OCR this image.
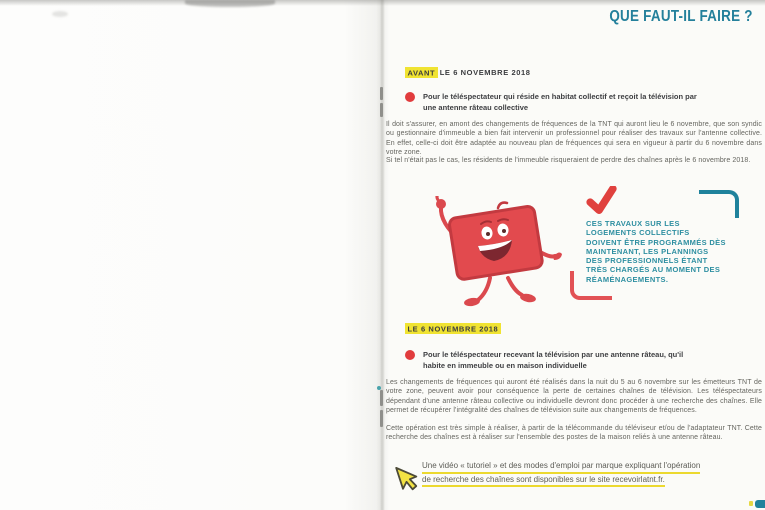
QUE FAUT-IL FAIRE ?
AVANT LE 6 NOVEMBRE 2018
Pour le téléspectateur qui réside en habitat collectif et reçoit la télévision par
une antenne râteau collective

Il doit s'assurer, en amont des changements de fréquences de la TNT qui auront lieu le 6 novembre, que son syndic ou gestionnaire d'immeuble a bien fait intervenir un professionnel pour réaliser des travaux sur l'antenne collective. En effet, celle-ci doit être adaptée au nouveau plan de fréquences qui sera en vigueur à partir du 6 novembre dans votre zone.

Si tel n'était pas le cas, les résidents de l'immeuble risqueraient de perdre des chaînes après le 6 novembre 2018.

CES TRAVAUX SUR LES
LOGEMENTS COLLECTIFS
DOIVENT ÊTRE PROGRAMMÉS DÈS
MAINTENANT, LES PLANNINGS
DES PROFESSIONNELS ÉTANT
TRÈS CHARGÉS AU MOMENT DES
RÉAMÉNAGEMENTS.
LE 6 NOVEMBRE 2018
Pour le téléspectateur recevant la télévision par une antenne râteau, qu'il
habite en immeuble ou en maison individuelle

Les changements de fréquences qui auront été réalisés dans la nuit du 5 au 6 novembre sur les émetteurs TNT de votre zone, peuvent avoir pour conséquence la perte de certaines chaînes de télévision. Les téléspectateurs dépendant d'une antenne râteau collective ou individuelle devront donc procéder à une recherche des chaînes. Elle permet de récupérer l'intégralité des chaînes de télévision suite aux changements de fréquences.

Cette opération est très simple à réaliser, à partir de la télécommande du téléviseur et/ou de l'adaptateur TNT. Cette recherche des chaînes est à réaliser sur l'ensemble des postes de la maison reliés à une antenne râteau.

Une vidéo « tutoriel » et des modes d'emploi par marque expliquant l'opération de recherche des chaînes sont disponibles sur le site recevoirlatnt.fr.
